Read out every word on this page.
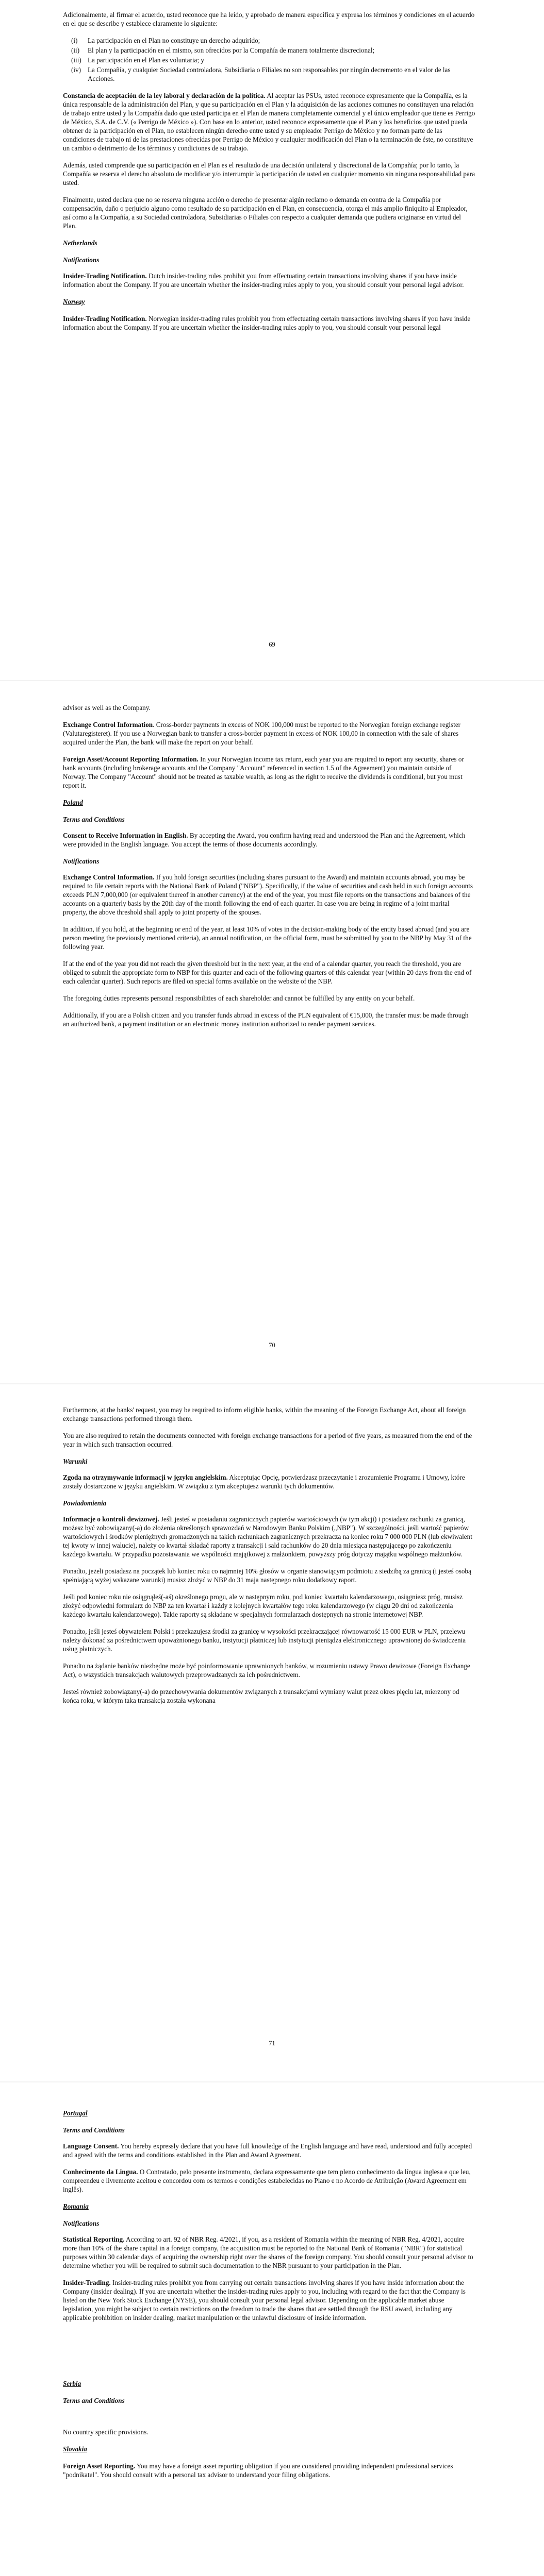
Adicionalmente, al firmar el acuerdo, usted reconoce que ha leído, y aprobado de manera específica y expresa los términos y condiciones en el acuerdo en el que se describe y establece claramente lo siguiente:

(i)	La participación en el Plan no constituye un derecho adquirido;
(ii)	El plan y la participación en el mismo, son ofrecidos por la Compañía de manera totalmente discrecional;
(iii) La participación en el Plan es voluntaria; y
(iv) La Compañía, y cualquier Sociedad controladora, Subsidiaria o Filiales no son responsables por ningún decremento en el valor de las Acciones.

Constancia de aceptación de la ley laboral y declaración de la política. Al aceptar las PSUs, usted reconoce expresamente que la Compañía, es la única responsable de la administración del Plan, y que su participación en el Plan y la adquisición de las acciones comunes no constituyen una relación de trabajo entre usted y la Compañía dado que usted participa en el Plan de manera completamente comercial y el único empleador que tiene es Perrigo de México, S.A. de C.V. (« Perrigo de México »). Con base en lo anterior, usted reconoce expresamente que el Plan y los beneficios que usted pueda obtener de la participación en el Plan, no establecen ningún derecho entre usted y su empleador Perrigo de México y no forman parte de las condiciones de trabajo ni de las prestaciones ofrecidas por Perrigo de México y cualquier modificación del Plan o la terminación de éste, no constituye un cambio o detrimento de los términos y condiciones de su trabajo.

Además, usted comprende que su participación en el Plan es el resultado de una decisión unilateral y discrecional de la Compañía; por lo tanto, la Compañía se reserva el derecho absoluto de modificar y/o interrumpir la participación de usted en cualquier momento sin ninguna responsabilidad para usted.

Finalmente, usted declara que no se reserva ninguna acción o derecho de presentar algún reclamo o demanda en contra de la Compañía por compensación, daño o perjuicio alguno como resultado de su participación en el Plan, en consecuencia, otorga el más amplio finiquito al Empleador, así como a la Compañía, a su Sociedad controladora, Subsidiarias o Filiales con respecto a cualquier demanda que pudiera originarse en virtud del Plan.

Netherlands

Notifications

Insider-Trading Notification. Dutch insider-trading rules prohibit you from effectuating certain transactions involving shares if you have inside information about the Company. If you are uncertain whether the insider-trading rules apply to you, you should consult your personal legal advisor.

Norway

Insider-Trading Notification. Norwegian insider-trading rules prohibit you from effectuating certain transactions involving shares if you have inside information about the Company. If you are uncertain whether the insider-trading rules apply to you, you should consult your personal legal

69

advisor as well as the Company.

Exchange Control Information. Cross-border payments in excess of NOK 100,000 must be reported to the Norwegian foreign exchange register (Valutaregisteret). If you use a Norwegian bank to transfer a cross-border payment in excess of NOK 100,00 in connection with the sale of shares acquired under the Plan, the bank will make the report on your behalf.

Foreign Asset/Account Reporting Information. In your Norwegian income tax return, each year you are required to report any security, shares or bank accounts (including brokerage accounts and the Company "Account" referenced in section 1.5 of the Agreement) you maintain outside of Norway. The Company "Account" should not be treated as taxable wealth, as long as the right to receive the dividends is conditional, but you must report it.

Poland

Terms and Conditions

Consent to Receive Information in English. By accepting the Award, you confirm having read and understood the Plan and the Agreement, which were provided in the English language. You accept the terms of those documents accordingly.

Notifications

Exchange Control Information. If you hold foreign securities (including shares pursuant to the Award) and maintain accounts abroad, you may be required to file certain reports with the National Bank of Poland ("NBP"). Specifically, if the value of securities and cash held in such foreign accounts exceeds PLN 7,000,000 (or equivalent thereof in another currency) at the end of the year, you must file reports on the transactions and balances of the accounts on a quarterly basis by the 20th day of the month following the end of each quarter. In case you are being in regime of a joint marital property, the above threshold shall apply to joint property of the spouses.

In addition, if you hold, at the beginning or end of the year, at least 10% of votes in the decision-making body of the entity based abroad (and you are person meeting the previously mentioned criteria), an annual notification, on the official form, must be submitted by you to the NBP by May 31 of the following year.

If at the end of the year you did not reach the given threshold but in the next year, at the end of a calendar quarter, you reach the threshold, you are obliged to submit the appropriate form to NBP for this quarter and each of the following quarters of this calendar year (within 20 days from the end of each calendar quarter). Such reports are filed on special forms available on the website of the NBP.

The foregoing duties represents personal responsibilities of each shareholder and cannot be fulfilled by any entity on your behalf.

Additionally, if you are a Polish citizen and you transfer funds abroad in excess of the PLN equivalent of €15,000, the transfer must be made through an authorized bank, a payment institution or an electronic money institution authorized to render payment services.

70

Furthermore, at the banks' request, you may be required to inform eligible banks, within the meaning of the Foreign Exchange Act, about all foreign exchange transactions performed through them.

You are also required to retain the documents connected with foreign exchange transactions for a period of five years, as measured from the end of the year in which such transaction occurred.

Warunki

Zgoda na otrzymywanie informacji w języku angielskim. Akceptując Opcję, potwierdzasz przeczytanie i zrozumienie Programu i Umowy, które zostały dostarczone w języku angielskim. W związku z tym akceptujesz warunki tych dokumentów.

Powiadomienia

Informacje o kontroli dewizowej. Jeśli jesteś w posiadaniu zagranicznych papierów wartościowych (w tym akcji) i posiadasz rachunki za granicą, możesz być zobowiązany(-a) do złożenia określonych sprawozdań w Narodowym Banku Polskim („NBP"). W szczególności, jeśli wartość papierów wartościowych i środków pieniężnych gromadzonych na takich rachunkach zagranicznych przekracza na koniec roku 7 000 000 PLN (lub ekwiwalent tej kwoty w innej walucie), należy co kwartał składać raporty z transakcji i sald rachunków do 20 dnia miesiąca następującego po zakończeniu każdego kwartału. W przypadku pozostawania we wspólności majątkowej z małżonkiem, powyższy próg dotyczy majątku wspólnego małżonków.

Ponadto, jeżeli posiadasz na początek lub koniec roku co najmniej 10% głosów w organie stanowiącym podmiotu z siedzibą za granicą (i jesteś osobą spełniającą wyżej wskazane warunki) musisz złożyć w NBP do 31 maja następnego roku dodatkowy raport.

Jeśli pod koniec roku nie osiągnąłeś(-aś) określonego progu, ale w następnym roku, pod koniec kwartału kalendarzowego, osiągniesz próg, musisz złożyć odpowiedni formularz do NBP za ten kwartał i każdy z kolejnych kwartałów tego roku kalendarzowego (w ciągu 20 dni od zakończenia każdego kwartału kalendarzowego). Takie raporty są składane w specjalnych formularzach dostępnych na stronie internetowej NBP.

Ponadto, jeśli jesteś obywatelem Polski i przekazujesz środki za granicę w wysokości przekraczającej równowartość 15 000 EUR w PLN, przelewu należy dokonać za pośrednictwem upoważnionego banku, instytucji płatniczej lub instytucji pieniądza elektronicznego uprawnionej do świadczenia usług płatniczych.

Ponadto na żądanie banków niezbędne może być poinformowanie uprawnionych banków, w rozumieniu ustawy Prawo dewizowe (Foreign Exchange Act), o wszystkich transakcjach walutowych przeprowadzanych za ich pośrednictwem.

Jesteś również zobowiązany(-a) do przechowywania dokumentów związanych z transakcjami wymiany walut przez okres pięciu lat, mierzony od końca roku, w którym taka transakcja została wykonana

71

Portugal

Terms and Conditions

Language Consent. You hereby expressly declare that you have full knowledge of the English language and have read, understood and fully accepted and agreed with the terms and conditions established in the Plan and Award Agreement.

Conhecimento da Lingua. O Contratado, pelo presente instrumento, declara expressamente que tem pleno conhecimento da língua inglesa e que leu, compreendeu e livremente aceitou e concordou com os termos e condições estabelecidas no Plano e no Acordo de Atribuição (Award Agreement em inglês).

Romania

Notifications

Statistical Reporting. According to art. 92 of NBR Reg. 4/2021, if you, as a resident of Romania within the meaning of NBR Reg. 4/2021, acquire more than 10% of the share capital in a foreign company, the acquisition must be reported to the National Bank of Romania ("NBR") for statistical purposes within 30 calendar days of acquiring the ownership right over the shares of the foreign company. You should consult your personal advisor to determine whether you will be required to submit such documentation to the NBR pursuant to your participation in the Plan.

Insider-Trading. Insider-trading rules prohibit you from carrying out certain transactions involving shares if you have inside information about the Company (insider dealing). If you are uncertain whether the insider-trading rules apply to you, including with regard to the fact that the Company is listed on the New York Stock Exchange (NYSE), you should consult your personal legal advisor. Depending on the applicable market abuse legislation, you might be subject to certain restrictions on the freedom to trade the shares that are settled through the RSU award, including any applicable prohibition on insider dealing, market manipulation or the unlawful disclosure of inside information.

Serbia

Terms and Conditions

No country specific provisions.

Slovakia

Foreign Asset Reporting. You may have a foreign asset reporting obligation if you are considered providing independent professional services "podnikatel". You should consult with a personal tax advisor to understand your filing obligations.
